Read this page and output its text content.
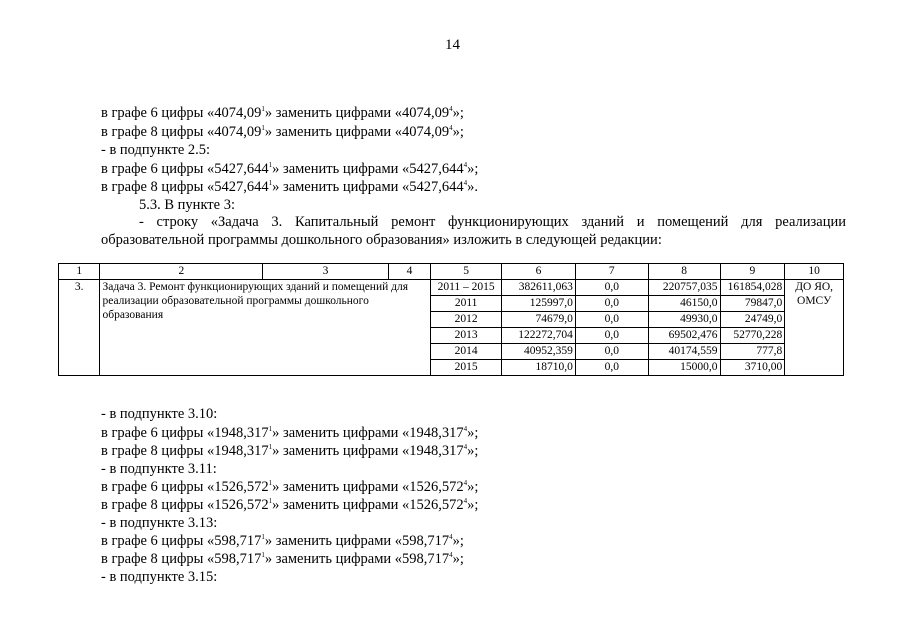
14
в графе 6 цифры «4074,09$^1$» заменить цифрами «4074,09$^4$»;
в графе 8 цифры «4074,09$^1$» заменить цифрами «4074,09$^4$»;
- в подпункте 2.5:
в графе 6 цифры «5427,644$^1$» заменить цифрами «5427,644$^4$»;
в графе 8 цифры «5427,644$^1$» заменить цифрами «5427,644$^4$».
5.3. В пункте 3:
- строку «Задача 3. Капитальный ремонт функционирующих зданий и помещений для реализации образовательной программы дошкольного образования» изложить в следующей редакции:
1	2	3	4	5	6	7	8	9	10
3.	Задача 3. Ремонт функционирующих зданий и помещений для реализации образовательной программы дошкольного образования			2011 – 2015	382611,063	0,0	220757,035	161854,028	ДО ЯО, ОМСУ
				2011	125997,0	0,0	46150,0	79847,0	
				2012	74679,0	0,0	49930,0	24749,0	
				2013	122272,704	0,0	69502,476	52770,228	
				2014	40952,359	0,0	40174,559	777,8	
				2015	18710,0	0,0	15000,0	3710,00	
- в подпункте 3.10:
в графе 6 цифры «1948,317$^1$» заменить цифрами «1948,317$^4$»;
в графе 8 цифры «1948,317$^1$» заменить цифрами «1948,317$^4$»;
- в подпункте 3.11:
в графе 6 цифры «1526,572$^1$» заменить цифрами «1526,572$^4$»;
в графе 8 цифры «1526,572$^1$» заменить цифрами «1526,572$^4$»;
- в подпункте 3.13:
в графе 6 цифры «598,717$^1$» заменить цифрами «598,717$^4$»;
в графе 8 цифры «598,717$^1$» заменить цифрами «598,717$^4$»;
- в подпункте 3.15:
